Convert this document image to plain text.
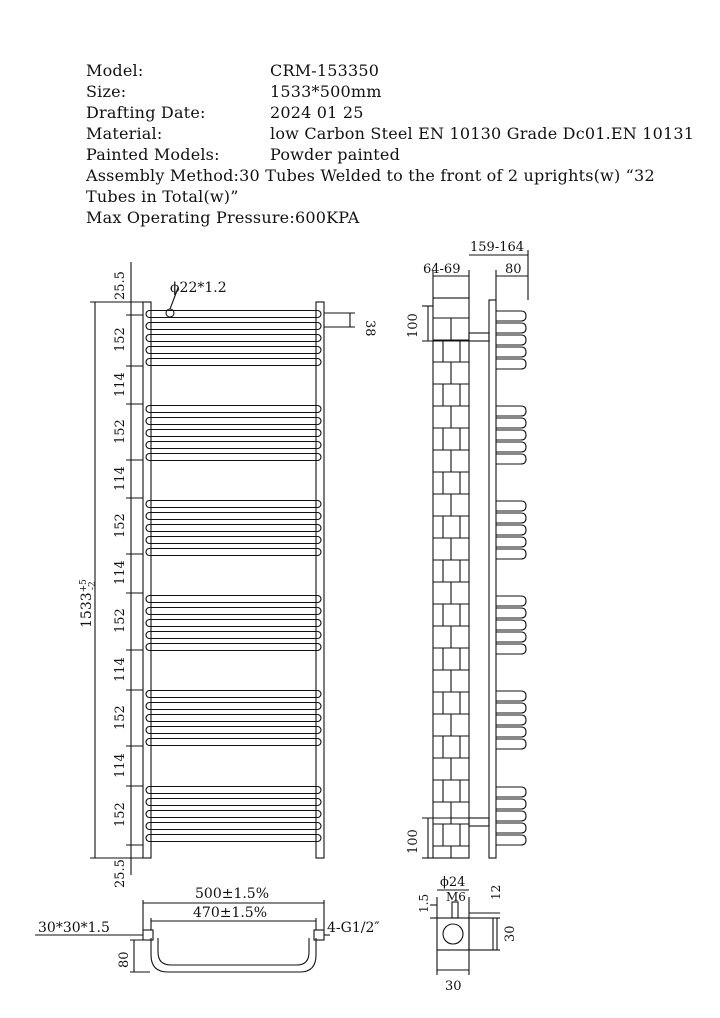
Model:	CRM-153350
Size:	1533*500mm
Drafting Date:	2024 01 25
Material:	low Carbon Steel EN 10130 Grade Dc01.EN 10131
Painted Models:	Powder painted
Assembly Method:30 Tubes Welded to the front of 2 uprights(w) “32 Tubes in Total(w)”
Max Operating Pressure:600KPA
ϕ22*1.2
38
25.5
25.5
$1533^{+5}-2$
152
114
152
114
152
114
152
114
152
114
152
159-164
64-69	80
100
100
500±1.5%
470±1.5%
30*30*1.5	4-G1/2″
80
ϕ24
M6
1.5
12
30
30
